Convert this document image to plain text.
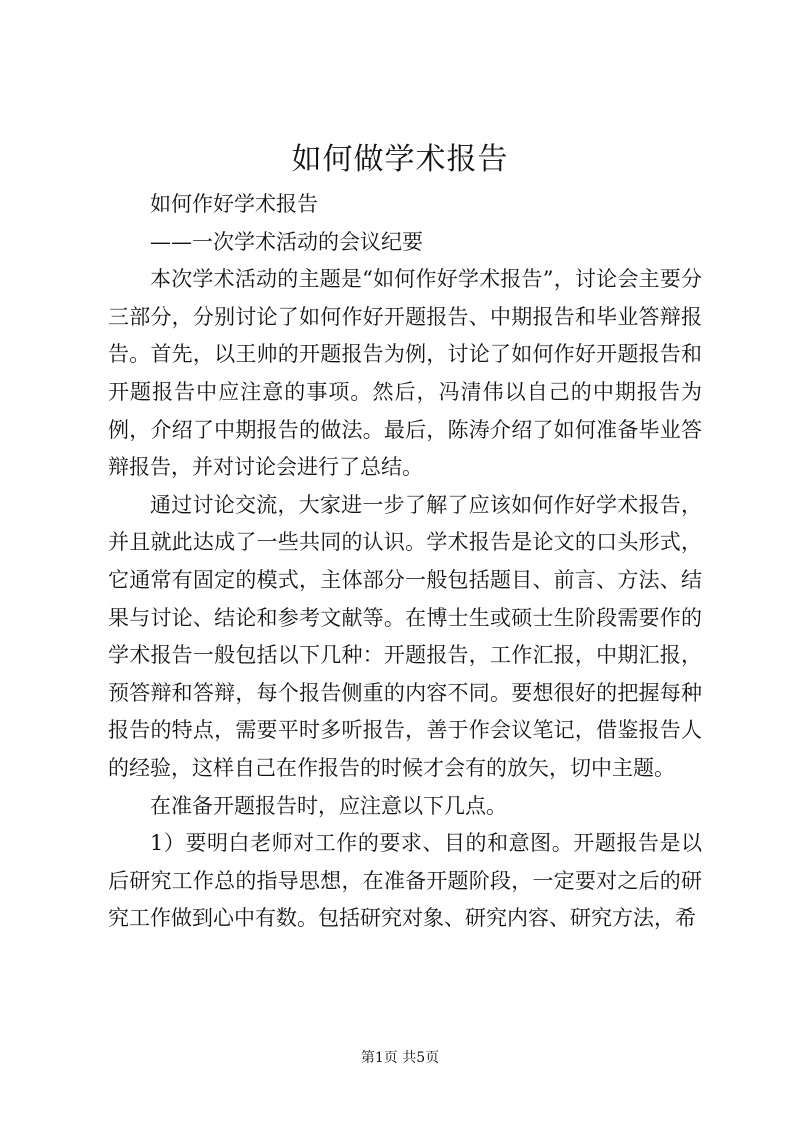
如何做学术报告

如何作好学术报告

——一次学术活动的会议纪要

本次学术活动的主题是“如何作好学术报告”，讨论会主要分三部分，分别讨论了如何作好开题报告、中期报告和毕业答辩报告。首先，以王帅的开题报告为例，讨论了如何作好开题报告和开题报告中应注意的事项。然后，冯清伟以自己的中期报告为例，介绍了中期报告的做法。最后，陈涛介绍了如何准备毕业答辩报告，并对讨论会进行了总结。

通过讨论交流，大家进一步了解了应该如何作好学术报告，并且就此达成了一些共同的认识。学术报告是论文的口头形式，它通常有固定的模式，主体部分一般包括题目、前言、方法、结果与讨论、结论和参考文献等。在博士生或硕士生阶段需要作的学术报告一般包括以下几种：开题报告，工作汇报，中期汇报，预答辩和答辩，每个报告侧重的内容不同。要想很好的把握每种报告的特点，需要平时多听报告，善于作会议笔记，借鉴报告人的经验，这样自己在作报告的时候才会有的放矢，切中主题。

在准备开题报告时，应注意以下几点。

1）要明白老师对工作的要求、目的和意图。开题报告是以后研究工作总的指导思想，在准备开题阶段，一定要对之后的研究工作做到心中有数。包括研究对象、研究内容、研究方法，希

第1页 共5页
